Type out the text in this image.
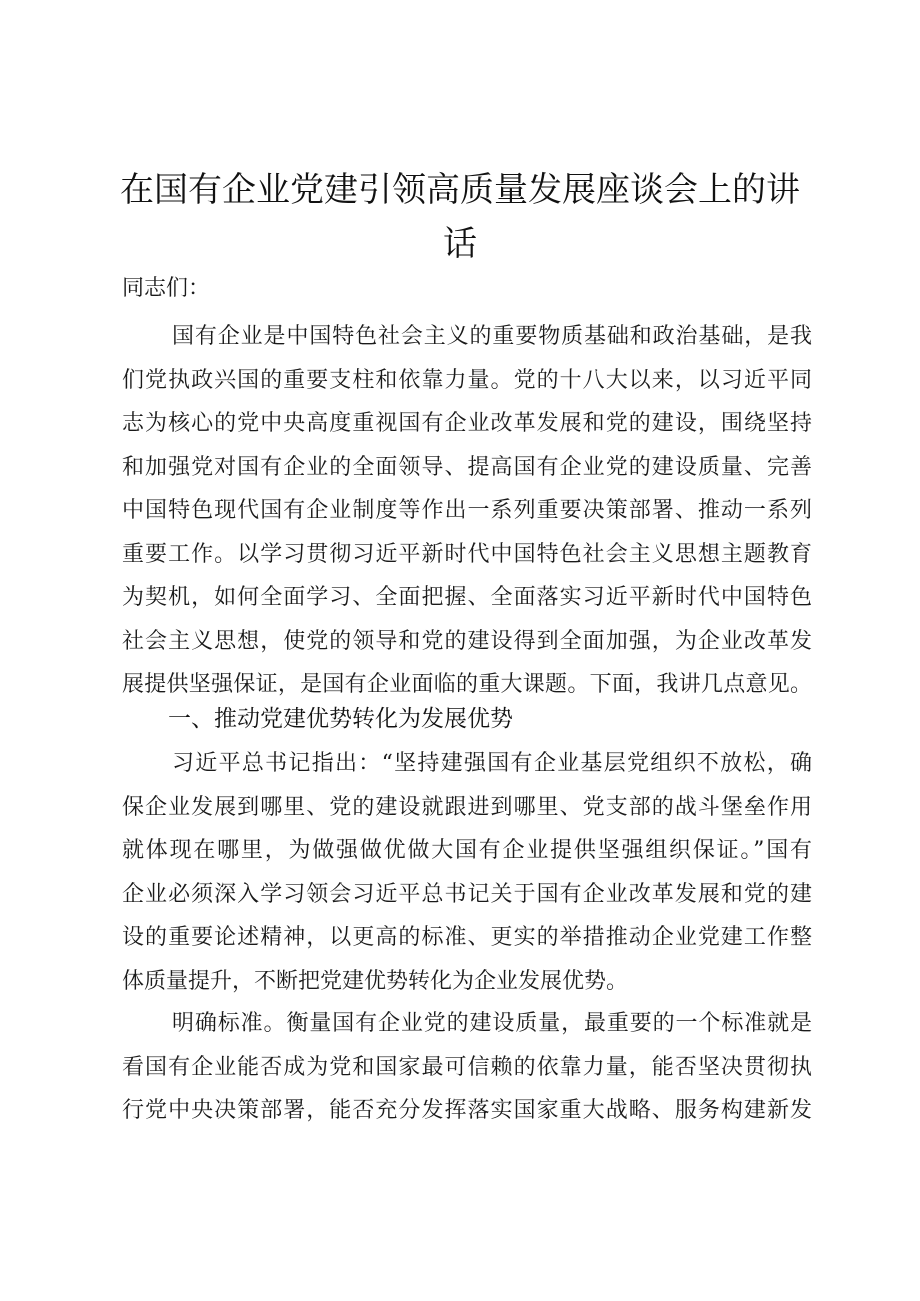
在国有企业党建引领高质量发展座谈会上的讲
话
同志们：
国有企业是中国特色社会主义的重要物质基础和政治基础，是我
们党执政兴国的重要支柱和依靠力量。党的十八大以来，以习近平同
志为核心的党中央高度重视国有企业改革发展和党的建设，围绕坚持
和加强党对国有企业的全面领导、提高国有企业党的建设质量、完善
中国特色现代国有企业制度等作出一系列重要决策部署、推动一系列
重要工作。以学习贯彻习近平新时代中国特色社会主义思想主题教育
为契机，如何全面学习、全面把握、全面落实习近平新时代中国特色
社会主义思想，使党的领导和党的建设得到全面加强，为企业改革发
展提供坚强保证，是国有企业面临的重大课题。下面，我讲几点意见。
一、推动党建优势转化为发展优势
习近平总书记指出：“坚持建强国有企业基层党组织不放松，确
保企业发展到哪里、党的建设就跟进到哪里、党支部的战斗堡垒作用
就体现在哪里，为做强做优做大国有企业提供坚强组织保证。”国有
企业必须深入学习领会习近平总书记关于国有企业改革发展和党的建
设的重要论述精神，以更高的标准、更实的举措推动企业党建工作整
体质量提升，不断把党建优势转化为企业发展优势。
明确标准。衡量国有企业党的建设质量，最重要的一个标准就是
看国有企业能否成为党和国家最可信赖的依靠力量，能否坚决贯彻执
行党中央决策部署，能否充分发挥落实国家重大战略、服务构建新发
